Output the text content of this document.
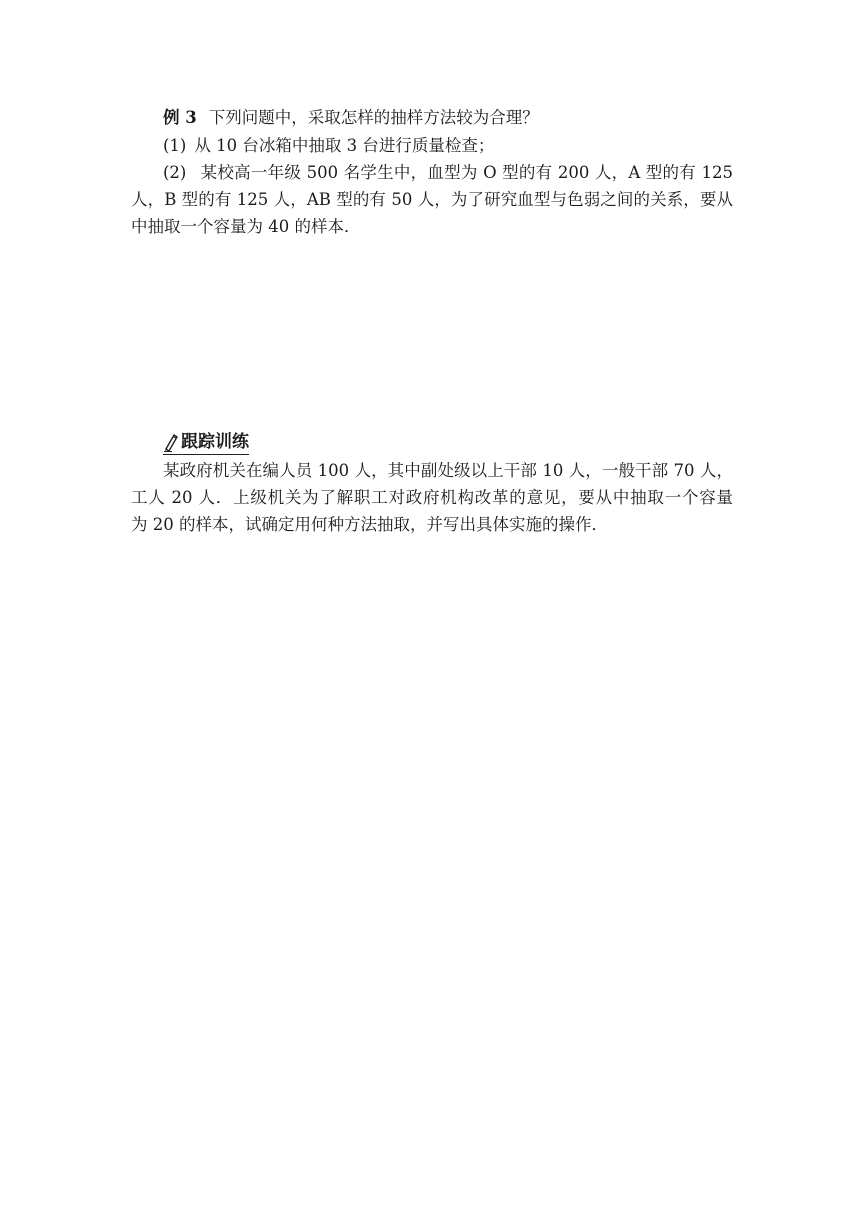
例 3 下列问题中，采取怎样的抽样方法较为合理？
(1) 从 10 台冰箱中抽取 3 台进行质量检查；
(2) 某校高一年级 500 名学生中，血型为 O 型的有 200 人，A 型的有 125
人，B 型的有 125 人，AB 型的有 50 人，为了研究血型与色弱之间的关系，要从
中抽取一个容量为 40 的样本．
跟踪训练
某政府机关在编人员 100 人，其中副处级以上干部 10 人，一般干部 70 人，
工人 20 人．上级机关为了解职工对政府机构改革的意见，要从中抽取一个容量
为 20 的样本，试确定用何种方法抽取，并写出具体实施的操作．
